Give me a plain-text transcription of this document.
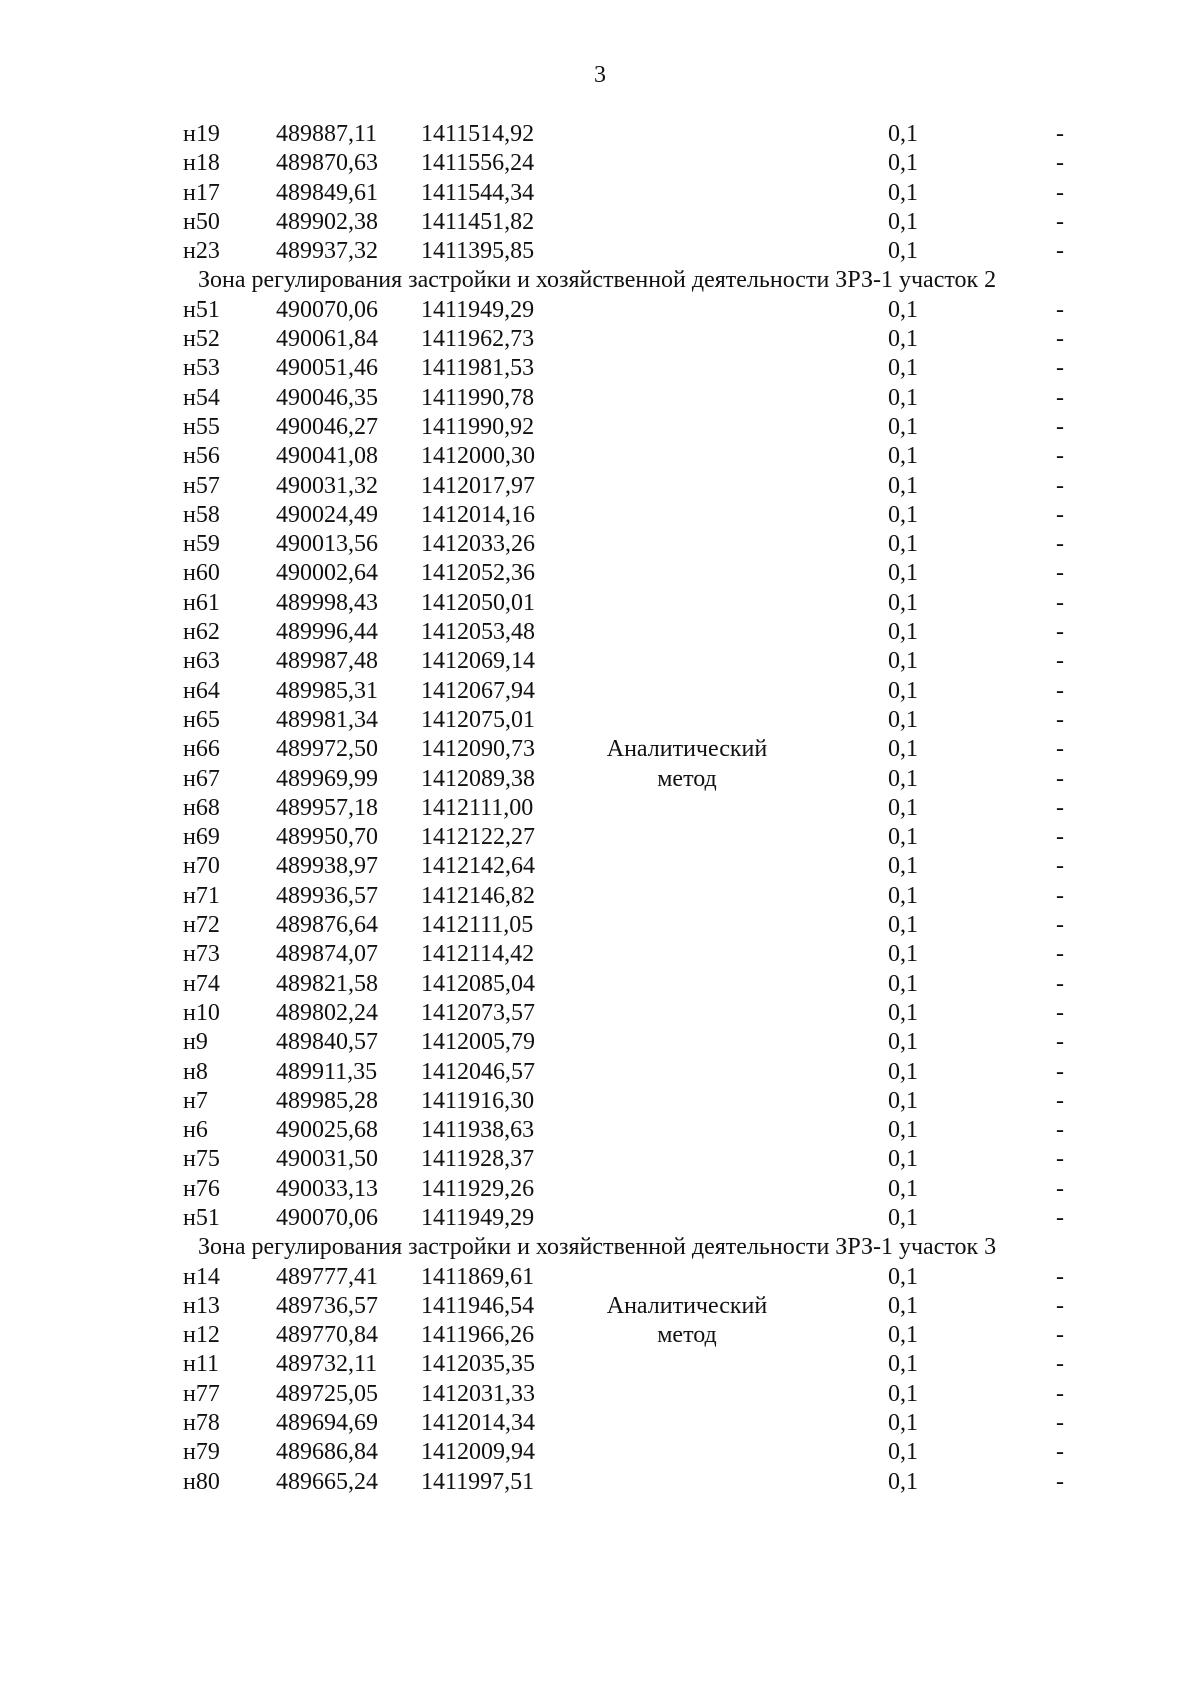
3
н19	489887,11 1411514,92	0,1	-
н18	489870,63 1411556,24	0,1	-
н17	489849,61 1411544,34	0,1	-
н50	489902,38 1411451,82	0,1	-
н23	489937,32 1411395,85	0,1	-
Зона регулирования застройки и хозяйственной деятельности ЗРЗ-1 участок 2
н51	490070,06 1411949,29	0,1	-
н52	490061,84 1411962,73	0,1	-
н53	490051,46 1411981,53	0,1	-
н54	490046,35 1411990,78	0,1	-
н55	490046,27 1411990,92	0,1	-
н56	490041,08 1412000,30	0,1	-
н57	490031,32 1412017,97	0,1	-
н58	490024,49 1412014,16	0,1	-
н59	490013,56 1412033,26	0,1	-
н60	490002,64 1412052,36	0,1	-
н61	489998,43 1412050,01	0,1	-
н62	489996,44 1412053,48	0,1	-
н63	489987,48 1412069,14	0,1	-
н64	489985,31 1412067,94	0,1	-
н65	489981,34 1412075,01	0,1	-
н66	489972,50 1412090,73	Аналитический	0,1	-
н67	489969,99 1412089,38	метод	0,1	-
н68	489957,18 1412111,00	0,1	-
н69	489950,70 1412122,27	0,1	-
н70	489938,97 1412142,64	0,1	-
н71	489936,57 1412146,82	0,1	-
н72	489876,64 1412111,05	0,1	-
н73	489874,07 1412114,42	0,1	-
н74	489821,58 1412085,04	0,1	-
н10	489802,24 1412073,57	0,1	-
н9	489840,57 1412005,79	0,1	-
н8	489911,35 1412046,57	0,1	-
н7	489985,28 1411916,30	0,1	-
н6	490025,68 1411938,63	0,1	-
н75	490031,50 1411928,37	0,1	-
н76	490033,13 1411929,26	0,1	-
н51	490070,06 1411949,29	0,1	-
Зона регулирования застройки и хозяйственной деятельности ЗРЗ-1 участок 3
н14	489777,41 1411869,61	0,1	-
н13	489736,57 1411946,54	Аналитический	0,1	-
н12	489770,84 1411966,26	метод	0,1	-
н11	489732,11 1412035,35	0,1	-
н77	489725,05 1412031,33	0,1	-
н78	489694,69 1412014,34	0,1	-
н79	489686,84 1412009,94	0,1	-
н80	489665,24 1411997,51	0,1	-
